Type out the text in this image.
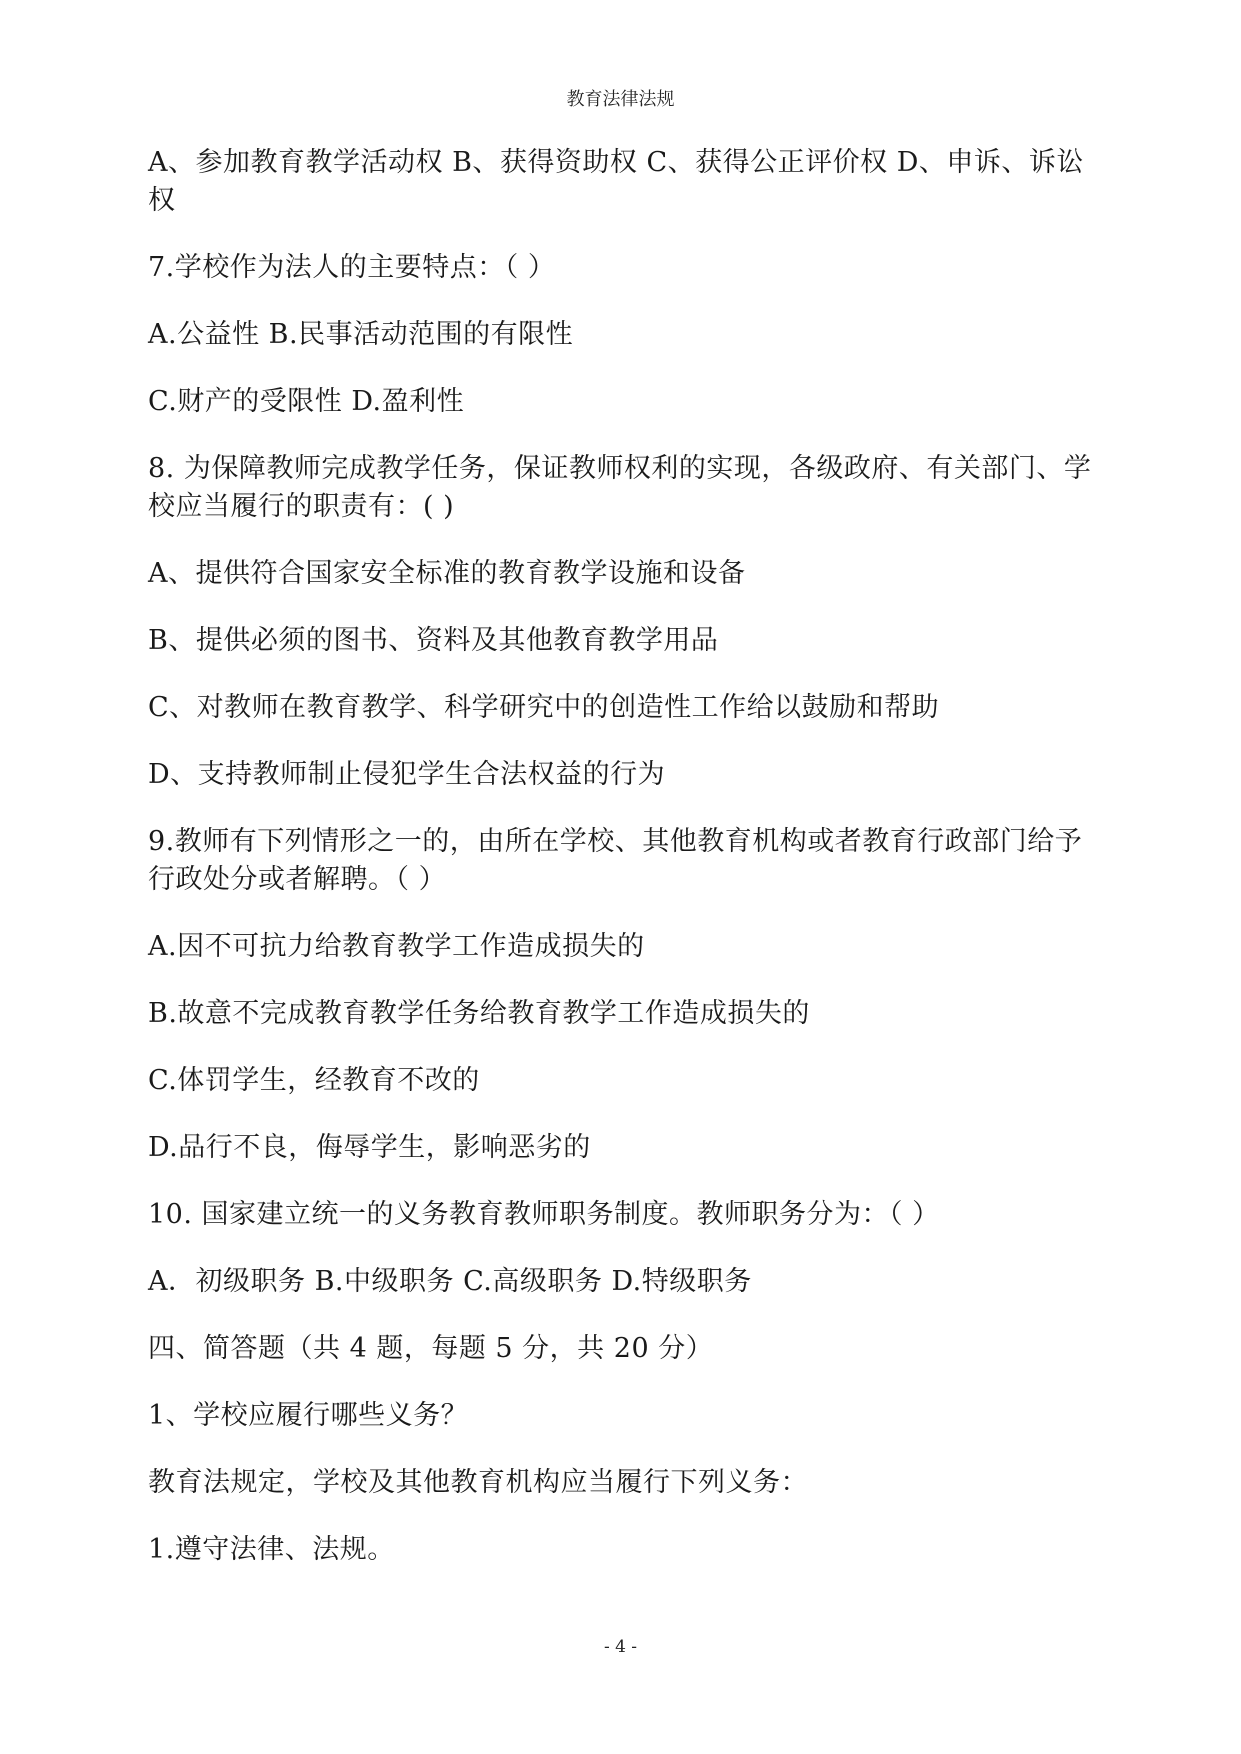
教育法律法规

A、参加教育教学活动权 B、获得资助权 C、获得公正评价权 D、申诉、诉讼权

7.学校作为法人的主要特点：（ ）

A.公益性 B.民事活动范围的有限性

C.财产的受限性 D.盈利性

8. 为保障教师完成教学任务，保证教师权利的实现，各级政府、有关部门、学校应当履行的职责有：( )

A、提供符合国家安全标准的教育教学设施和设备

B、提供必须的图书、资料及其他教育教学用品

C、对教师在教育教学、科学研究中的创造性工作给以鼓励和帮助

D、支持教师制止侵犯学生合法权益的行为

9.教师有下列情形之一的，由所在学校、其他教育机构或者教育行政部门给予行政处分或者解聘。（ ）

A.因不可抗力给教育教学工作造成损失的

B.故意不完成教育教学任务给教育教学工作造成损失的

C.体罚学生，经教育不改的

D.品行不良，侮辱学生，影响恶劣的

10. 国家建立统一的义务教育教师职务制度。教师职务分为：（ ）

A．初级职务 B.中级职务 C.高级职务 D.特级职务

四、简答题（共 4 题，每题 5 分，共 20 分）

1、学校应履行哪些义务？

教育法规定，学校及其他教育机构应当履行下列义务：

1.遵守法律、法规。

- 4 -
